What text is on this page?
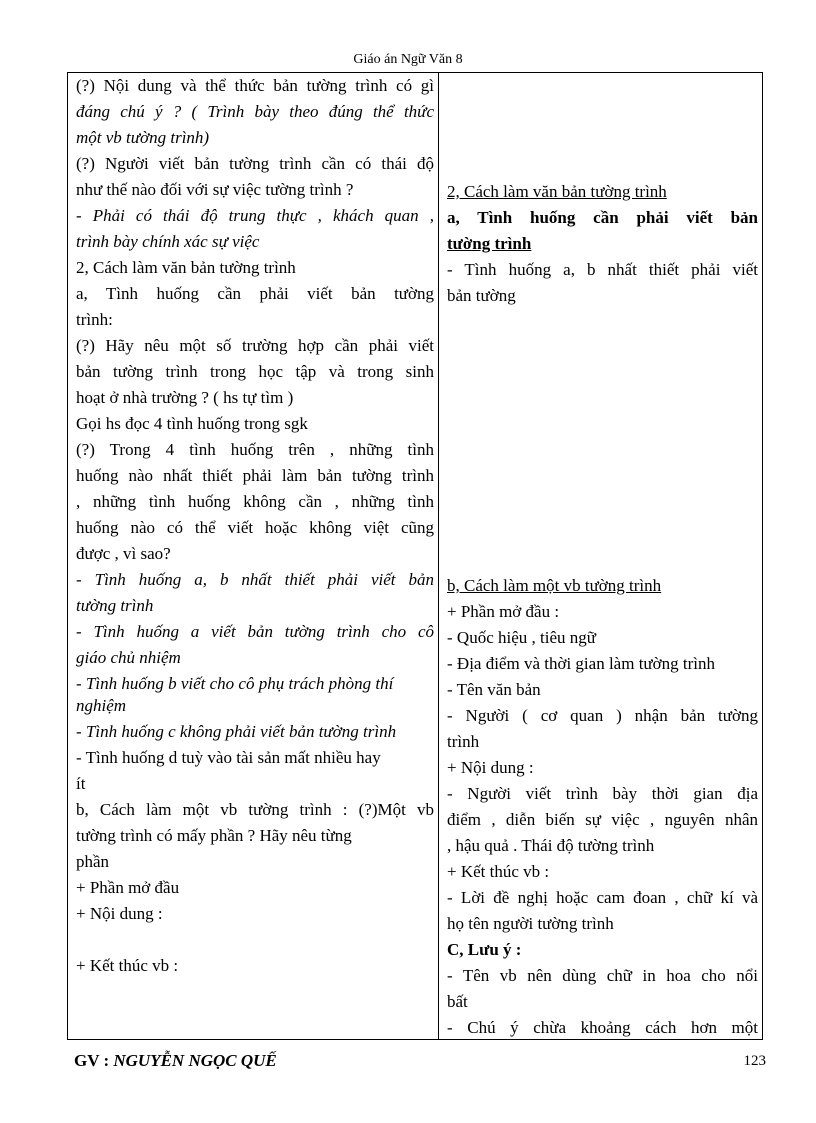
Giáo án Ngữ Văn 8
(?) Nội dung và thể thức bản tường trình có gì
đáng chú ý ? ( Trình bày theo đúng thể thức
một vb tường trình)
(?) Người viết bản tường trình cần có thái độ
như thế nào đối với sự việc tường trình ?
- Phải có thái độ trung thực , khách quan ,
trình bày chính xác sự việc
2, Cách làm văn bản tường trình
a, Tình huống cần phải viết bản tường
trình:
(?) Hãy nêu một số trường hợp cần phải viết
bản tường trình trong học tập và trong sinh
hoạt ở nhà trường ? ( hs tự tìm )
Gọi hs đọc 4 tình huống trong sgk
(?) Trong 4 tình huống trên , những tình
huống nào nhất thiết phải làm bản tường trình
, những tình huống không cần , những tình
huống nào có thể viết hoặc không việt cũng
được , vì sao?
- Tình huống a, b nhất thiết phải viết bản
tường trình
- Tình huống a viết bản tường trình cho cô
giáo chủ nhiệm
- Tình huống b viết cho cô phụ trách phòng thí
nghiệm
- Tình huống c không phải viết bản tường trình
- Tình huống d tuỳ vào tài sản mất nhiều hay
ít
b, Cách làm một vb tường trình : (?)Một vb
tường trình có mấy phần ? Hãy nêu từng
phần
+ Phần mở đầu
+ Nội dung :
+ Kết thúc vb :
2, Cách làm văn bản tường trình
a, Tình huống cần phải viết bản
tường trình
- Tình huống a, b nhất thiết phải viết
bản tường
b, Cách làm một vb tường trình
+ Phần mở đầu :
- Quốc hiệu , tiêu ngữ
- Địa điểm và thời gian làm tường trình
- Tên văn bản
- Người ( cơ quan ) nhận bản tường
trình
+ Nội dung :
- Người viết trình bày thời gian địa
điểm , diễn biến sự việc , nguyên nhân
, hậu quả . Thái độ tường trình
+ Kết thúc vb :
- Lời đề nghị hoặc cam đoan , chữ kí và
họ tên người tường trình
C, Lưu ý :
- Tên vb nên dùng chữ in hoa cho nổi
bất
- Chú ý chừa khoảng cách hơn một
GV : NGUYỄN NGỌC QUẾ	123
